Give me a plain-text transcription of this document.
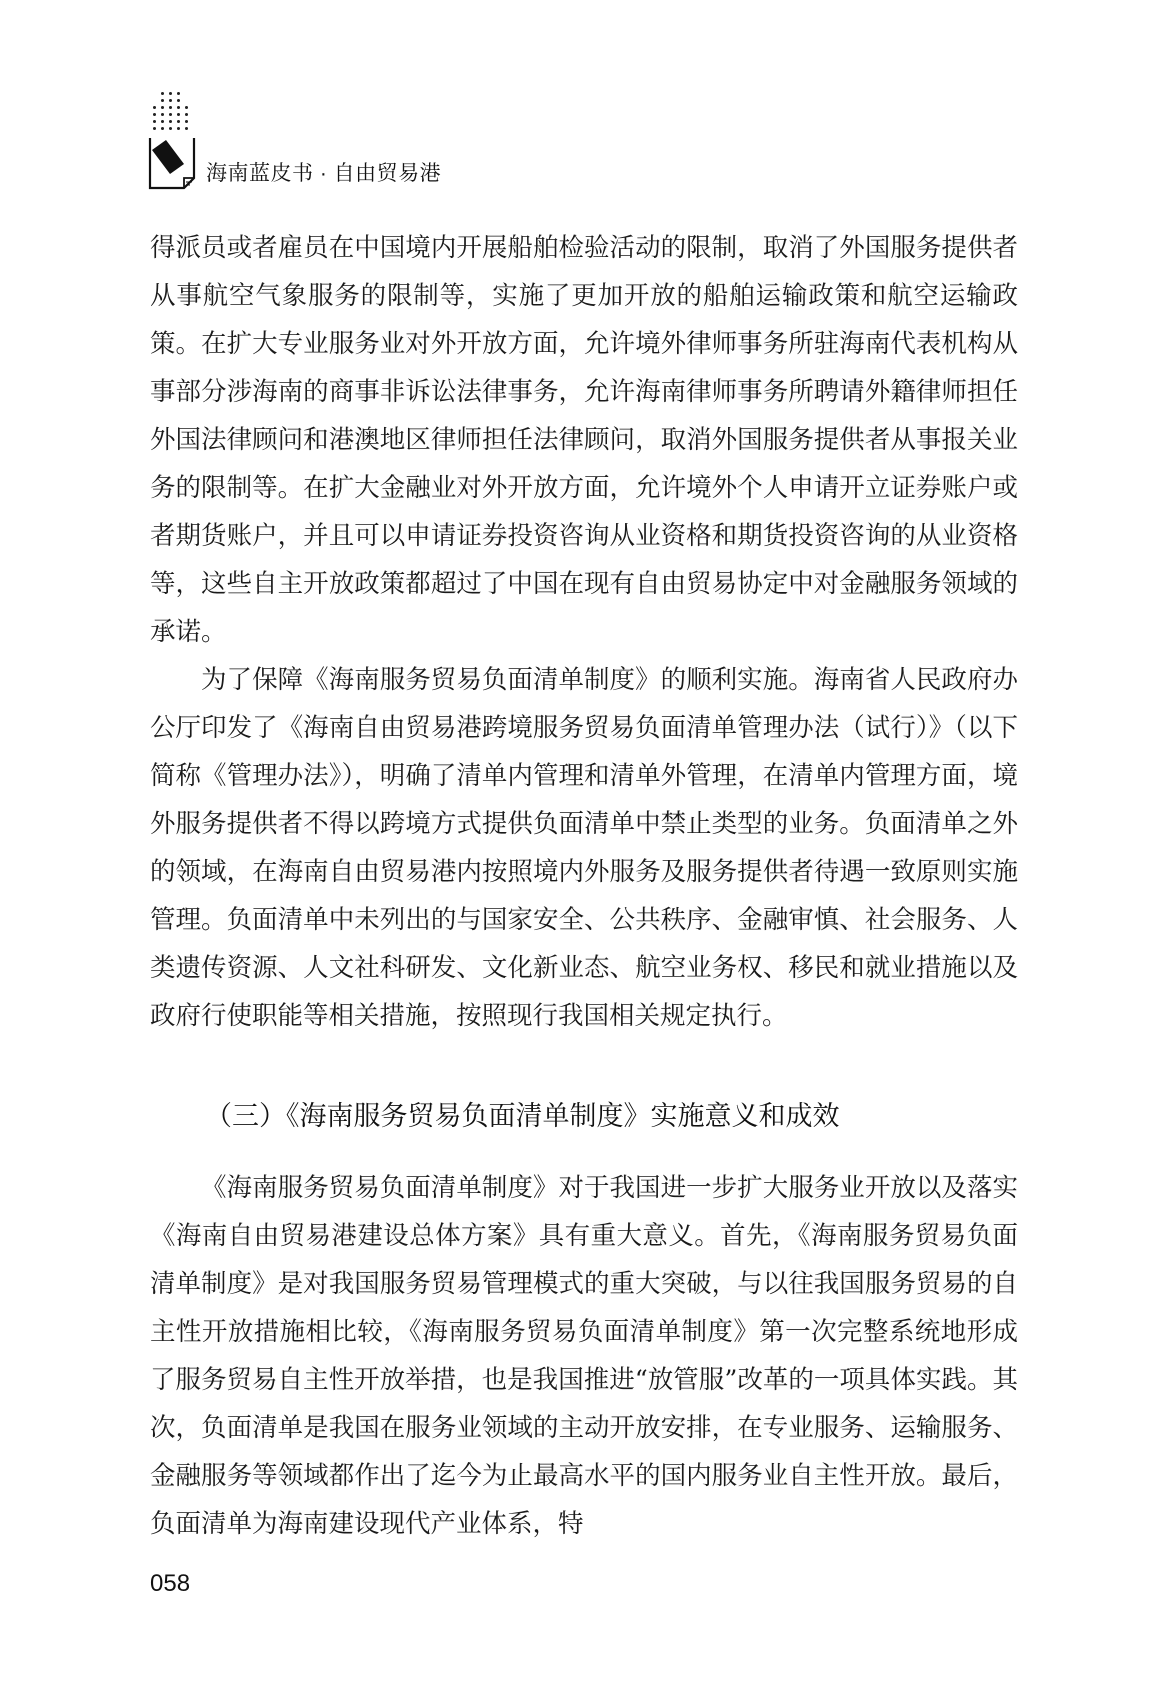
海南蓝皮书 · 自由贸易港

得派员或者雇员在中国境内开展船舶检验活动的限制，取消了外国服务提供者从事航空气象服务的限制等，实施了更加开放的船舶运输政策和航空运输政策。在扩大专业服务业对外开放方面，允许境外律师事务所驻海南代表机构从事部分涉海南的商事非诉讼法律事务，允许海南律师事务所聘请外籍律师担任外国法律顾问和港澳地区律师担任法律顾问，取消外国服务提供者从事报关业务的限制等。在扩大金融业对外开放方面，允许境外个人申请开立证券账户或者期货账户，并且可以申请证券投资咨询从业资格和期货投资咨询的从业资格等，这些自主开放政策都超过了中国在现有自由贸易协定中对金融服务领域的承诺。

为了保障《海南服务贸易负面清单制度》的顺利实施。海南省人民政府办公厅印发了《海南自由贸易港跨境服务贸易负面清单管理办法（试行）》（以下简称《管理办法》），明确了清单内管理和清单外管理，在清单内管理方面，境外服务提供者不得以跨境方式提供负面清单中禁止类型的业务。负面清单之外的领域，在海南自由贸易港内按照境内外服务及服务提供者待遇一致原则实施管理。负面清单中未列出的与国家安全、公共秩序、金融审慎、社会服务、人类遗传资源、人文社科研发、文化新业态、航空业务权、移民和就业措施以及政府行使职能等相关措施，按照现行我国相关规定执行。

（三）《海南服务贸易负面清单制度》实施意义和成效

《海南服务贸易负面清单制度》对于我国进一步扩大服务业开放以及落实《海南自由贸易港建设总体方案》具有重大意义。首先，《海南服务贸易负面清单制度》是对我国服务贸易管理模式的重大突破，与以往我国服务贸易的自主性开放措施相比较，《海南服务贸易负面清单制度》第一次完整系统地形成了服务贸易自主性开放举措，也是我国推进“放管服”改革的一项具体实践。其次，负面清单是我国在服务业领域的主动开放安排，在专业服务、运输服务、金融服务等领域都作出了迄今为止最高水平的国内服务业自主性开放。最后，负面清单为海南建设现代产业体系，特

058
